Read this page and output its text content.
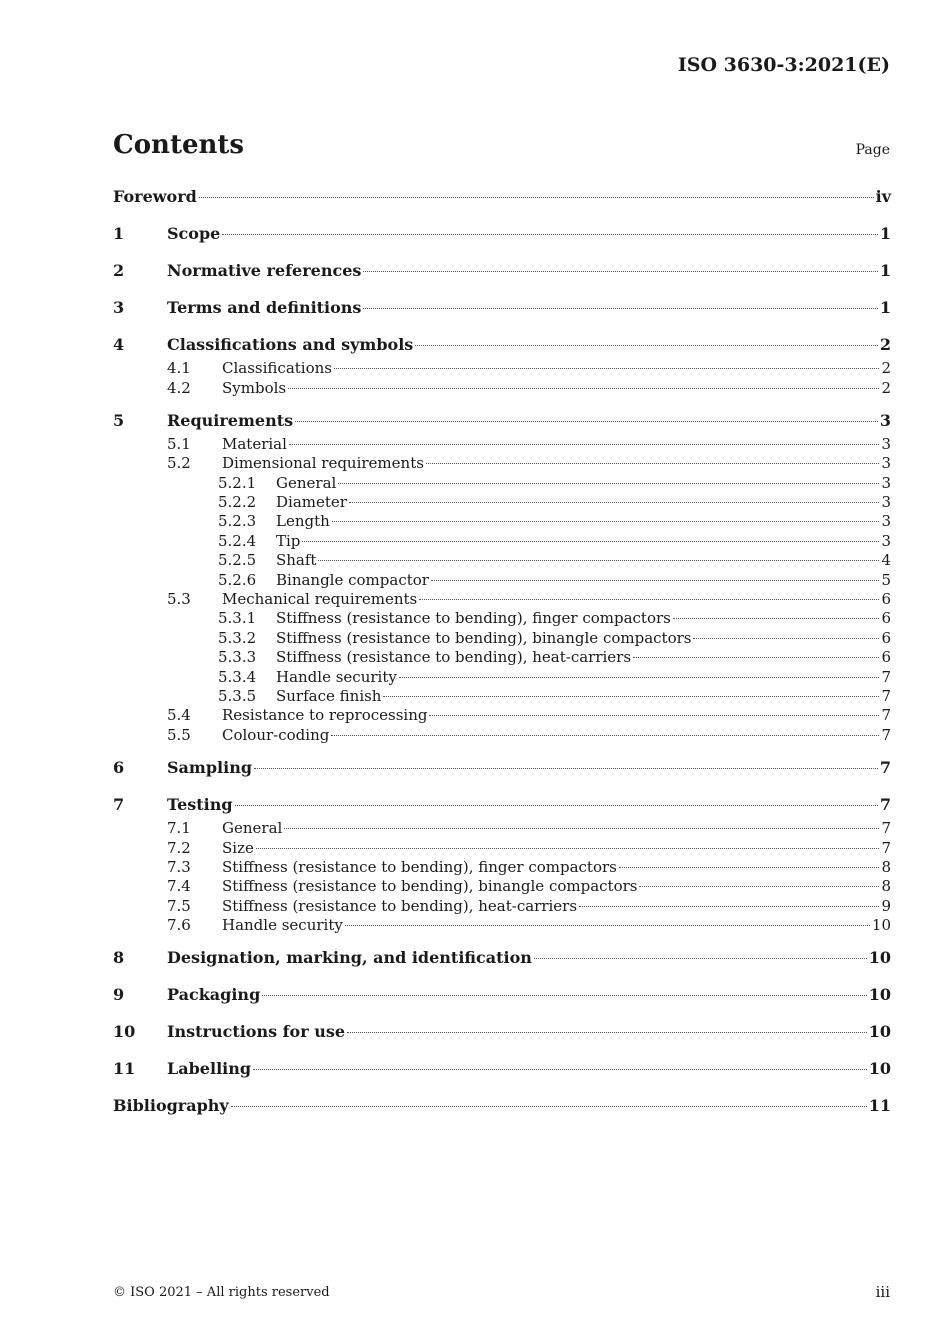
ISO 3630-3:2021(E)
Contents	Page
Foreword	iv
1	Scope	1
2	Normative references	1
3	Terms and definitions	1
4	Classifications and symbols	2
4.1	Classifications	2
4.2	Symbols	2
5	Requirements	3
5.1	Material	3
5.2	Dimensional requirements	3
5.2.1	General	3
5.2.2	Diameter	3
5.2.3	Length	3
5.2.4	Tip	3
5.2.5	Shaft	4
5.2.6	Binangle compactor	5
5.3	Mechanical requirements	6
5.3.1	Stiffness (resistance to bending), finger compactors	6
5.3.2	Stiffness (resistance to bending), binangle compactors	6
5.3.3	Stiffness (resistance to bending), heat-carriers	6
5.3.4	Handle security	7
5.3.5	Surface finish	7
5.4	Resistance to reprocessing	7
5.5	Colour-coding	7
6	Sampling	7
7	Testing	7
7.1	General	7
7.2	Size	7
7.3	Stiffness (resistance to bending), finger compactors	8
7.4	Stiffness (resistance to bending), binangle compactors	8
7.5	Stiffness (resistance to bending), heat-carriers	9
7.6	Handle security	10
8	Designation, marking, and identification	10
9	Packaging	10
10	Instructions for use	10
11	Labelling	10
Bibliography	11
© ISO 2021 – All rights reserved	iii
